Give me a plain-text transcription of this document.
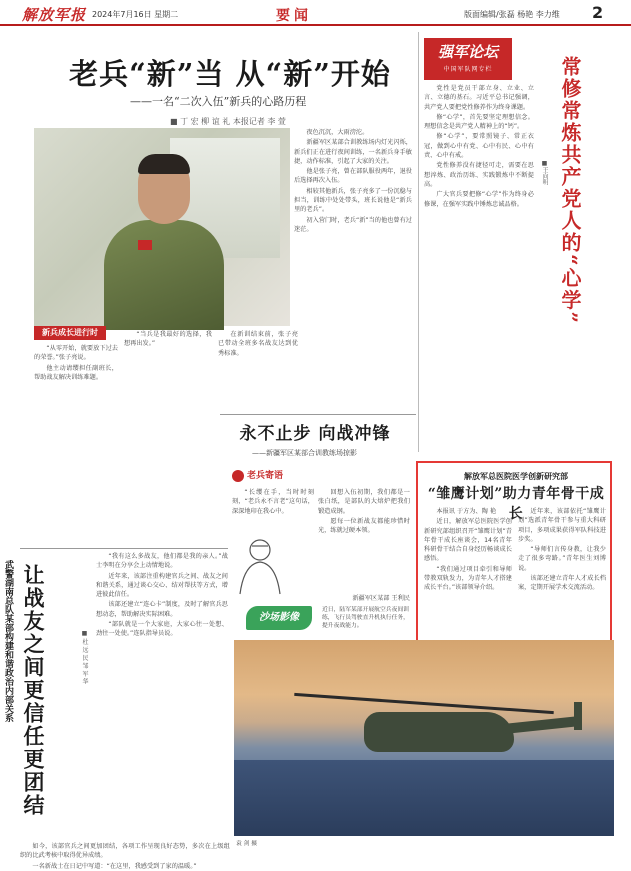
解放军报 2024年7月16日 星期二	要闻	版面编辑/张磊 杨艳 李力维 2
老兵“新”当 从“新”开始
——一名“二次入伍”新兵的心路历程
■ 丁 宏 柳 谊 礼 本报记者 李 萱

夜色沉沉，大雨滂沱。

新疆军区某部合训教练场内灯光闪烁，新兵们正在进行夜间训练，一名新兵身手敏捷，动作标准，引起了大家的关注。

他是张子亮，曾在部队服役两年，退役后选择再次入伍。

相较其他新兵，张子亮多了一份沉稳与担当，训练中处处带头，班长说他是“新兵里的老兵”。

初入营门时，老兵“新”当的他也曾有过迷茫。

新兵成长进行时

“从零开始，就要放下过去的荣誉。”张子亮说。

他主动请缨担任副班长，帮助战友解决训练难题。

“当兵是我最好的选择，我想再出发。”

在新训结束前，张子亮已带动全班多名战友达到优秀标准。

强军论坛
中国军队网专栏

党性是党员干部立身、立业、立言、立德的基石。习近平总书记强调，共产党人要把党性修养作为终身课题。

修“心学”，首先要坚定理想信念。理想信念是共产党人精神上的“钙”。

修“心学”，要常照镜子、常正衣冠，做到心中有党、心中有民、心中有责、心中有戒。

党性修养没有捷径可走，需要在思想淬炼、政治历练、实践锻炼中不断提高。

广大官兵要把修“心学”作为终身必修课，在强军实践中锤炼忠诚品格。	常修常炼共产党人的“心学”
■王向明
永不止步 向战冲锋
——新疆军区某部合训教练场掠影
老兵寄语

“长缨在手，当时时刻刻，“老兵永不言老”这句话，深深地印在我心中。

回想入伍初期，我们都是一张白纸，是部队的大熔炉把我们锻造成钢。

愿每一位新战友都能珍惜时光，练就过硬本领。

新疆军区某部 王利民
解放军总医院医学创新研究部
“雏鹰计划”助力青年骨干成长

本报讯 于方为、陶 艳

近日，解放军总医院医学创新研究部组织召开“雏鹰计划”青年骨干成长座谈会，14名青年科研骨干结合自身经历畅谈成长感悟。

“我们通过项目牵引和导师带教双轨发力，为青年人才搭建成长平台。”该部领导介绍。

近年来，该部依托“雏鹰计划”选派青年骨干参与重大科研项目，多项成果获得军队科技进步奖。

“导师们言传身教，让我少走了很多弯路。”青年医生刘博说。

该部还建立青年人才成长档案，定期开展学术交流活动。

沙场影像
近日，陆军某部开展航空兵夜间训练，飞行员驾驶直升机执行任务，提升夜战能力。
袁 剑 摄
武警湖南总队某部构建和谐政治内部关系 让战友之间更信任更团结	■ 杜 远 民 邹 军 华

“我有这么多战友，他们都是我的亲人。”战士李明在分享会上动情地说。

近年来，该部注重构建官兵之间、战友之间和谐关系，通过谈心交心、结对帮扶等方式，增进彼此信任。

该部还建立“连心卡”制度，及时了解官兵思想动态，帮助解决实际困难。

“部队就是一个大家庭，大家心往一处想、劲往一处使。”连队指导员说。

如今，该部官兵之间更加团结，各项工作呈现良好态势，多次在上级组织的比武考核中取得优异成绩。

一名新战士在日记中写道：“在这里，我感受到了家的温暖。”
